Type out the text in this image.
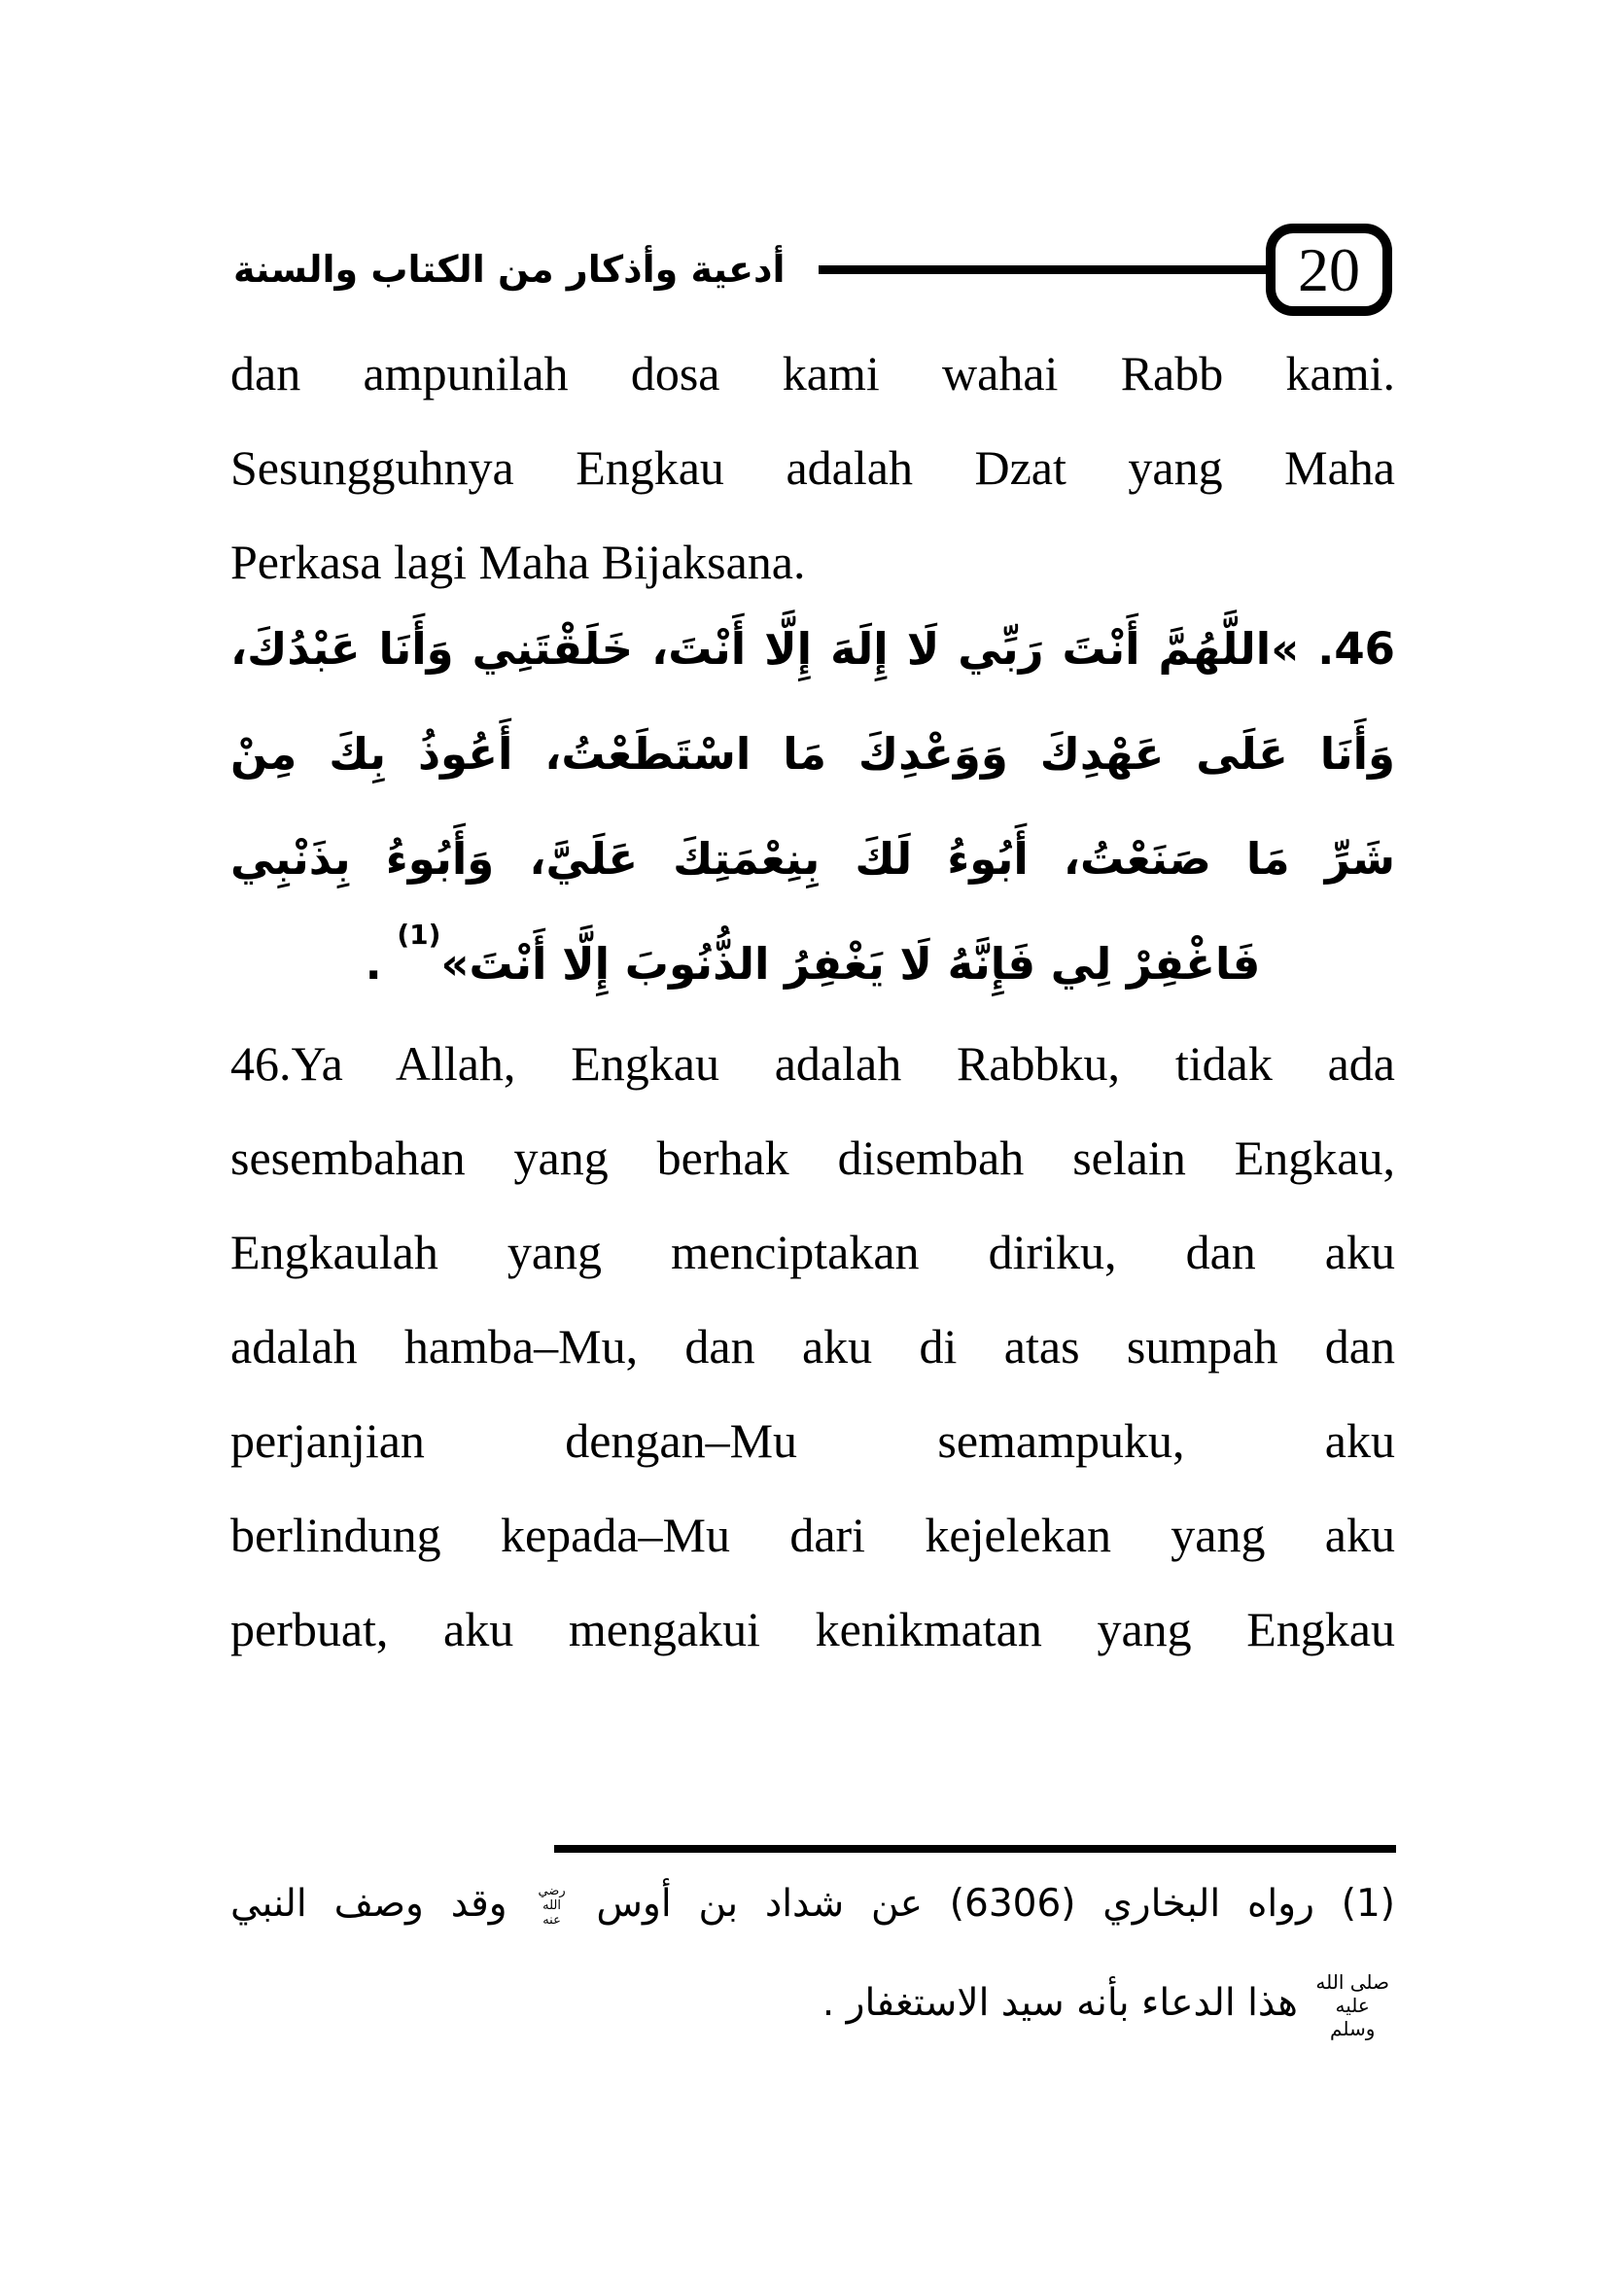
أدعية وأذكار من الكتاب والسنة	20
dan ampunilah dosa kami wahai Rabb kami.
Sesungguhnya Engkau adalah Dzat yang Maha
Perkasa lagi Maha Bijaksana.
46. »اللَّهُمَّ أَنْتَ رَبِّي لَا إِلَهَ إِلَّا أَنْتَ، خَلَقْتَنِي وَأَنَا عَبْدُكَ،
وَأَنَا عَلَى عَهْدِكَ وَوَعْدِكَ مَا اسْتَطَعْتُ، أَعُوذُ بِكَ مِنْ
شَرِّ مَا صَنَعْتُ، أَبُوءُ لَكَ بِنِعْمَتِكَ عَلَيَّ، وَأَبُوءُ بِذَنْبِي
فَاغْفِرْ لِي فَإِنَّهُ لَا يَغْفِرُ الذُّنُوبَ إِلَّا أَنْتَ»$^{(1)}$ .
46.Ya Allah, Engkau adalah Rabbku, tidak ada
sesembahan yang berhak disembah selain Engkau,
Engkaulah yang menciptakan diriku, dan aku
adalah hamba–Mu, dan aku di atas sumpah dan
perjanjian dengan–Mu semampuku, aku
berlindung kepada–Mu dari kejelekan yang aku
perbuat, aku mengakui kenikmatan yang Engkau
(1) رواه البخاري (6306) عن شداد بن أوس
رضي
الله
عنه
وقد وصف النبي
صلى الله
عليه
وسلم
هذا الدعاء بأنه سيد الاستغفار .
